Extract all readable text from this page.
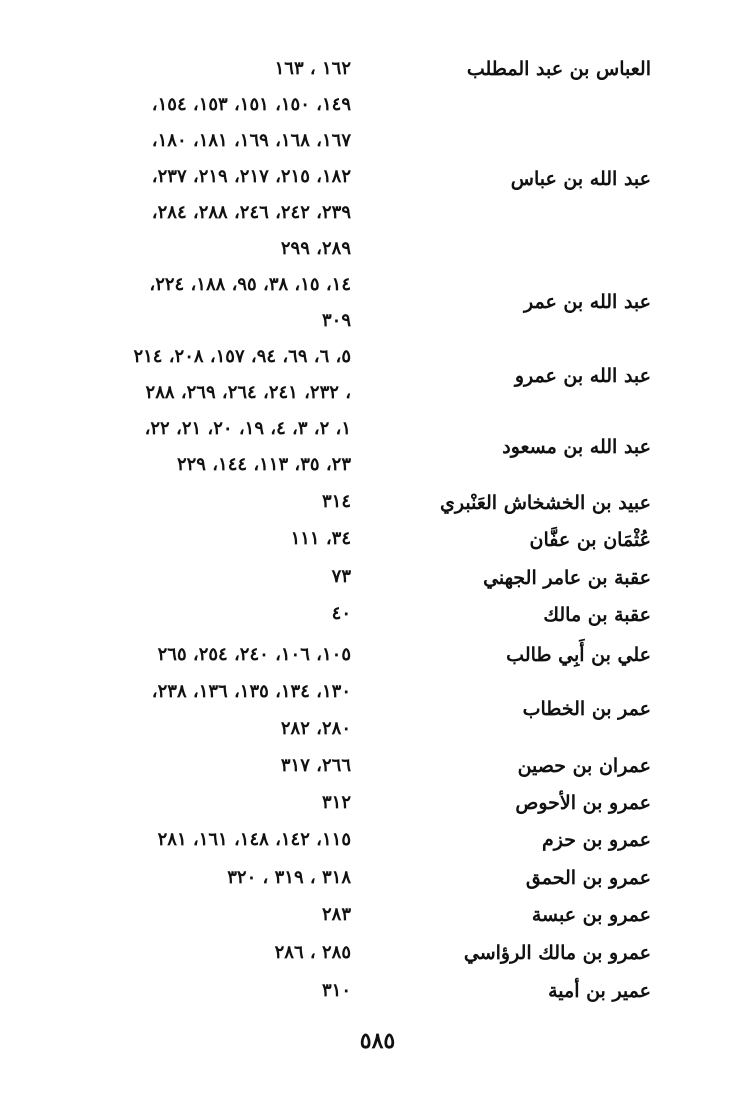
العباس بن عبد المطلب
١٦٢ ، ١٦٣
عبد الله بن عباس
١٤٩، ١٥٠، ١٥١، ١٥٣، ١٥٤،
١٦٧، ١٦٨، ١٦٩، ١٨١، ١٨٠،
١٨٢، ٢١٥، ٢١٧، ٢١٩، ٢٣٧،
٢٣٩، ٢٤٢، ٢٤٦، ٢٨٨، ٢٨٤،
٢٨٩، ٢٩٩
عبد الله بن عمر
١٤، ١٥، ٣٨، ٩٥، ١٨٨، ٢٢٤،
٣٠٩
عبد الله بن عمرو
٥، ٦، ٦٩، ٩٤، ١٥٧، ٢٠٨، ٢١٤
، ٢٣٢، ٢٤١، ٢٦٤، ٢٦٩، ٢٨٨
عبد الله بن مسعود
١، ٢، ٣، ٤، ١٩، ٢٠، ٢١، ٢٢،
٢٣، ٣٥، ١١٣، ١٤٤، ٢٢٩
عبيد بن الخشخاش العَنْبري
٣١٤
عُثْمَان بن عفَّان
٣٤، ١١١
عقبة بن عامر الجهني
٧٣
عقبة بن مالك
٤٠
علي بن أَبِي طالب
١٠٥، ١٠٦، ٢٤٠، ٢٥٤، ٢٦٥
عمر بن الخطاب
١٣٠، ١٣٤، ١٣٥، ١٣٦، ٢٣٨،
٢٨٠، ٢٨٢
عمران بن حصين
٢٦٦، ٣١٧
عمرو بن الأحوص
٣١٢
عمرو بن حزم
١١٥، ١٤٢، ١٤٨، ١٦١، ٢٨١
عمرو بن الحمق
٣١٨ ، ٣١٩ ، ٣٢٠
عمرو بن عبسة
٢٨٣
عمرو بن مالك الرؤاسي
٢٨٥ ، ٢٨٦
عمير بن أمية
٣١٠
٥٨٥
